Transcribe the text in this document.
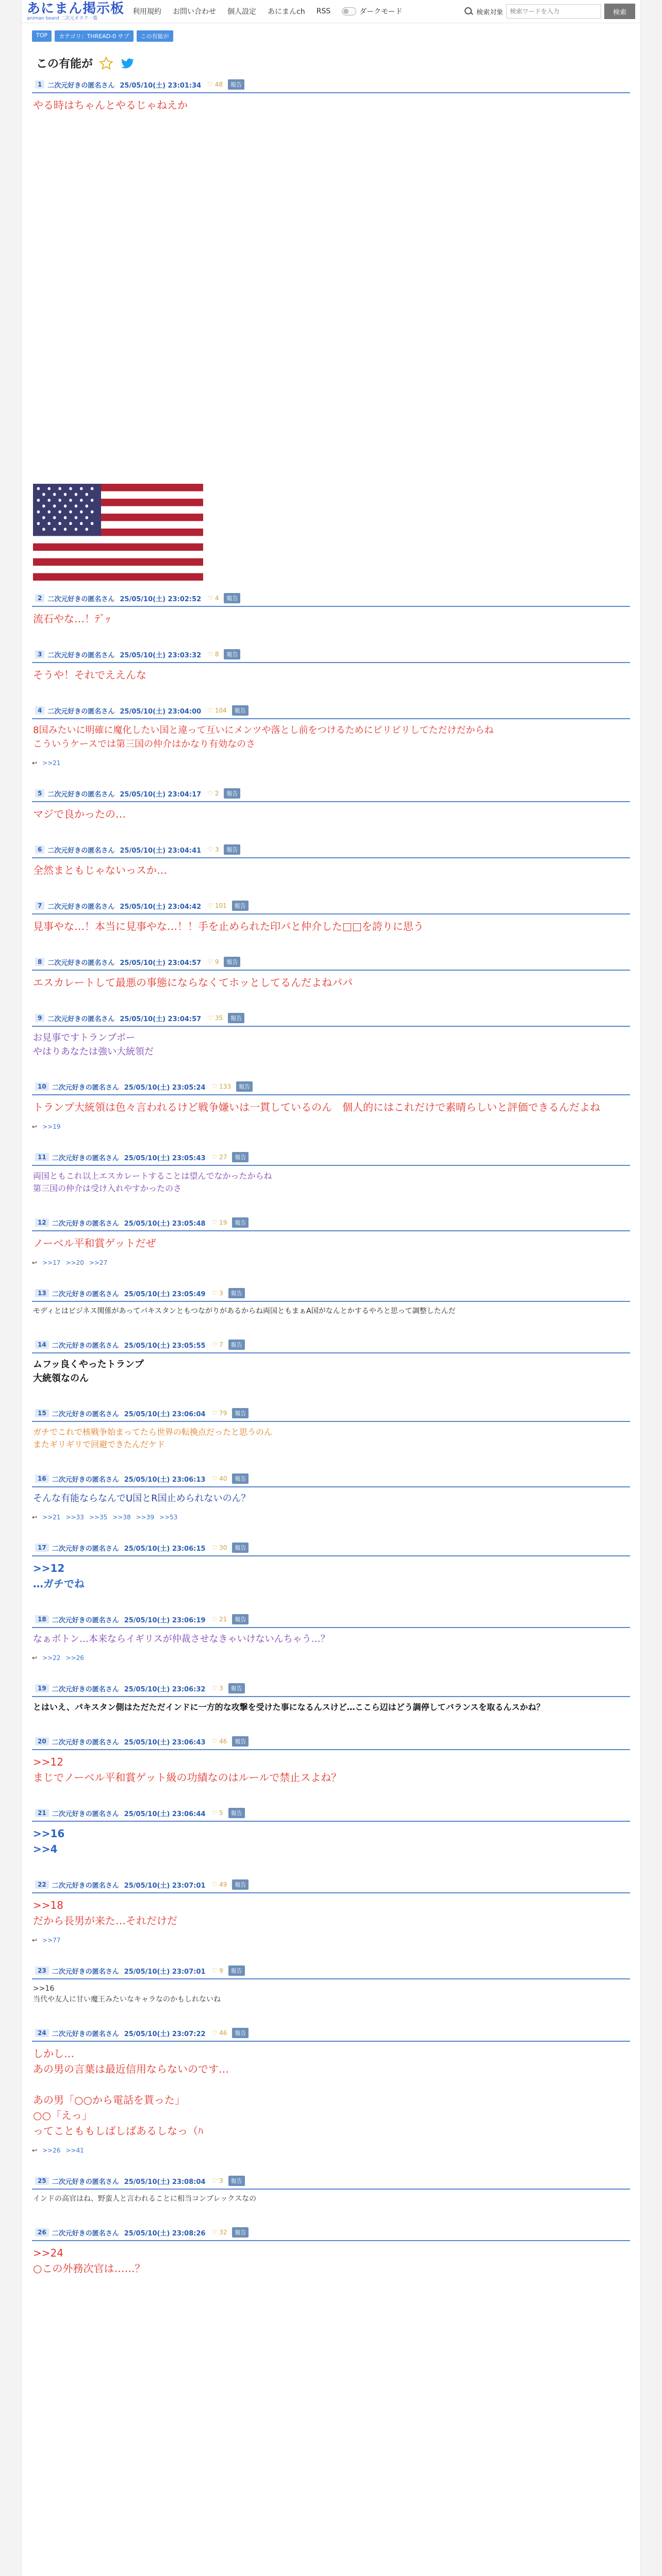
あにまん掲示板
animan board 二次元オタク一覧
利用規約 お問い合わせ 個人設定 あにまんch RSS	ダークモード	検索対象
検索ワードを入力	検索
TOP	カテゴリ：THREAD-0 サブ	この有能が
この有能が
1 二次元好きの匿名さん 25/05/10(土) 23:01:34	♡ 48	報告
やる時はちゃんとやるじゃねえか
2 二次元好きの匿名さん 25/05/10(土) 23:02:52	♡ 4	報告
流石やな…！ﾃﾞｯ
3 二次元好きの匿名さん 25/05/10(土) 23:03:32	♡ 8	報告
そうや！それでええんな
4 二次元好きの匿名さん 25/05/10(土) 23:04:00	♡ 104	報告
8国みたいに明確に魔化したい国と違って互いにメンツや落とし前をつけるためにピリピリしてただけだからね
こういうケースでは第三国の仲介はかなり有効なのさ
↩ >>21
5 二次元好きの匿名さん 25/05/10(土) 23:04:17	♡ 2	報告
マジで良かったの…
6 二次元好きの匿名さん 25/05/10(土) 23:04:41	♡ 3	報告
全然まともじゃないっスか…
7 二次元好きの匿名さん 25/05/10(土) 23:04:42	♡ 101	報告
見事やな…！本当に見事やな…！！手を止められた印パと仲介した□□を誇りに思う
8 二次元好きの匿名さん 25/05/10(土) 23:04:57	♡ 9	報告
エスカレートして最悪の事態にならなくてホッとしてるんだよねパパ
9 二次元好きの匿名さん 25/05/10(土) 23:04:57	♡ 35	報告
お見事ですトランプポー
やはりあなたは強い大統領だ
10 二次元好きの匿名さん 25/05/10(土) 23:05:24	♡ 133	報告
トランプ大統領は色々言われるけど戦争嫌いは一貫しているのん　個人的にはこれだけで素晴らしいと評価できるんだよね
↩ >>19
11 二次元好きの匿名さん 25/05/10(土) 23:05:43	♡ 27	報告
両国ともこれ以上エスカレートすることは望んでなかったからね
第三国の仲介は受け入れやすかったのさ
12 二次元好きの匿名さん 25/05/10(土) 23:05:48	♡ 19	報告
ノーベル平和賞ゲットだぜ
↩ >>17 >>20 >>27
13 二次元好きの匿名さん 25/05/10(土) 23:05:49	♡ 3	報告
モディとはビジネス関係があってパキスタンともつながりがあるからね両国ともまぁA国がなんとかするやろと思って調整したんだ
14 二次元好きの匿名さん 25/05/10(土) 23:05:55	♡ 7	報告
ムフッ良くやったトランプ
大統領なのん
15 二次元好きの匿名さん 25/05/10(土) 23:06:04	♡ 79	報告
ガチでこれで核戦争始まってたら世界の転換点だったと思うのん
またギリギリで回避できたんだケド
16 二次元好きの匿名さん 25/05/10(土) 23:06:13	♡ 40	報告
そんな有能ならなんでU国とR国止められないのん？
↩ >>21 >>33 >>35 >>38 >>39 >>53
17 二次元好きの匿名さん 25/05/10(土) 23:06:15	♡ 30	報告
>>12
…ガチでね
18 二次元好きの匿名さん 25/05/10(土) 23:06:19	♡ 21	報告
なぁボトン…本来ならイギリスが仲裁させなきゃいけないんちゃう…？
↩ >>22 >>26
19 二次元好きの匿名さん 25/05/10(土) 23:06:32	♡ 3	報告
とはいえ、パキスタン側はただただインドに一方的な攻撃を受けた事になるんスけど…ここら辺はどう調停してバランスを取るんスかね？
20 二次元好きの匿名さん 25/05/10(土) 23:06:43	♡ 46	報告
>>12
まじでノーベル平和賞ゲット級の功績なのはルールで禁止スよね？
21 二次元好きの匿名さん 25/05/10(土) 23:06:44	♡ 5	報告
>>16
>>4
22 二次元好きの匿名さん 25/05/10(土) 23:07:01	♡ 49	報告
>>18
だから長男が来た…それだけだ
↩ >>77
23 二次元好きの匿名さん 25/05/10(土) 23:07:01	♡ 9	報告
>>16
当代や友人に甘い魔王みたいなキャラなのかもしれないね
24 二次元好きの匿名さん 25/05/10(土) 23:07:22	♡ 46	報告
しかし…
あの男の言葉は最近信用ならないのです…

あの男「○○から電話を貰った」
○○「えっ」
ってことももしばしばあるしなっ（ﾊ
↩ >>26 >>41
25 二次元好きの匿名さん 25/05/10(土) 23:08:04	♡ 3	報告
インドの高官はね、野蛮人と言われることに相当コンプレックスなの
26 二次元好きの匿名さん 25/05/10(土) 23:08:26	♡ 32	報告
>>24
○この外務次官は……？
